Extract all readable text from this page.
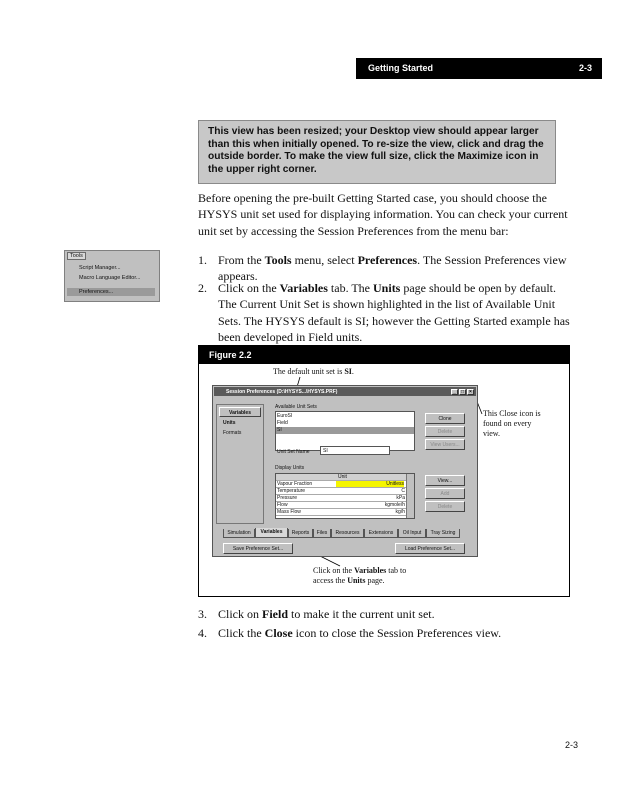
Getting Started	2-3
This view has been resized; your Desktop view should appear larger than this when initially opened. To re-size the view, click and drag the outside border. To make the view full size, click the Maximize icon in the upper right corner.
Before opening the pre-built Getting Started case, you should choose the HYSYS unit set used for displaying information. You can check your current unit set by accessing the Session Preferences from the menu bar:
Tools
Script Manager...
Macro Language Editor...
Preferences...
1. From the Tools menu, select Preferences. The Session Preferences view appears.
2. Click on the Variables tab. The Units page should be open by default. The Current Unit Set is shown highlighted in the list of Available Unit Sets. The HYSYS default is SI; however the Getting Started example has been developed in Field units.
Figure 2.2
The default unit set is SI.
This Close icon is found on every view.
Click on the Variables tab to access the Units page.
Session Preferences (D:\HYSYS...\HYSYS.PRF)	_	□	×
Variables
Units
Formats
Available Unit Sets
EuroSI
Field
SI
Clone
Delete
View Users...
Unit Set Name	SI
Display Units
Unit
Vapour Fraction	Unitless
Temperature	C
Pressure	kPa
Flow	kgmole/h
Mass Flow	kg/h
View...
Add
Delete
Simulation	Variables	Reports	Files	Resources	Extensions	Oil Input	Tray Sizing
Save Preference Set...	Load Preference Set...
3. Click on Field to make it the current unit set.
4. Click the Close icon to close the Session Preferences view.
2-3
